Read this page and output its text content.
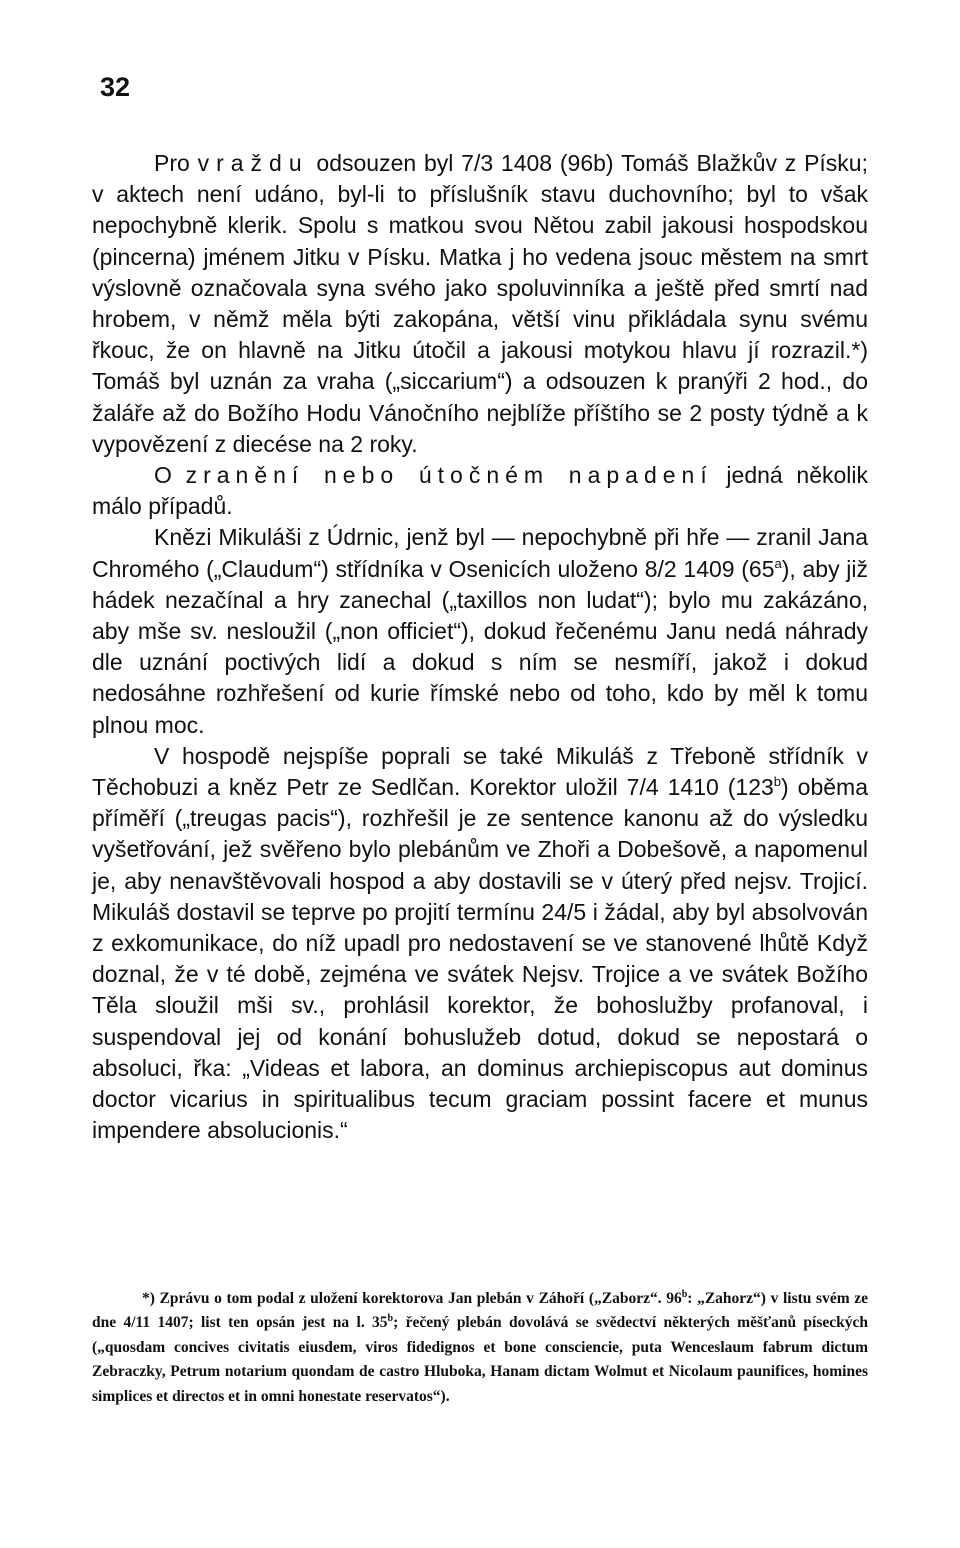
32

Pro vraždu odsouzen byl 7/3 1408 (96b) Tomáš Blažkův z Písku; v aktech není udáno, byl-li to příslušník stavu duchovního; byl to však nepochybně klerik. Spolu s matkou svou Nětou zabil jakousi hospodskou (pincerna) jménem Jitku v Písku. Matka j ho vedena jsouc městem na smrt výslovně označovala syna svého jako spoluvinníka a ještě před smrtí nad hrobem, v němž měla býti zakopána, větší vinu přikládala synu svému řkouc, že on hlavně na Jitku útočil a jakousi motykou hlavu jí rozrazil.*) Tomáš byl uznán za vraha („siccarium“) a odsouzen k pranýři 2 hod., do žaláře až do Božího Hodu Vánočního nejblíže příštího se 2 posty týdně a k vypovězení z diecése na 2 roky.

O zranění nebo útočném napadení jedná několik málo případů.

Knězi Mikuláši z Údrnic, jenž byl — nepochybně při hře — zranil Jana Chromého („Claudum“) střídníka v Osenicích uloženo 8/2 1409 (65$^a$), aby již hádek nezačínal a hry zanechal („taxillos non ludat“); bylo mu zakázáno, aby mše sv. nesloužil („non officiet“), dokud řečenému Janu nedá náhrady dle uznání poctivých lidí a dokud s ním se nesmíří, jakož i dokud nedosáhne rozhřešení od kurie římské nebo od toho, kdo by měl k tomu plnou moc.

V hospodě nejspíše poprali se také Mikuláš z Třeboně střídník v Těchobuzi a kněz Petr ze Sedlčan. Korektor uložil 7/4 1410 (123$^b$) oběma příměří („treugas pacis“), rozhřešil je ze sentence kanonu až do výsledku vyšetřování, jež svěřeno bylo plebánům ve Zhoři a Dobešově, a napomenul je, aby nenavštěvovali hospod a aby dostavili se v úterý před nejsv. Trojicí. Mikuláš dostavil se teprve po projití termínu 24/5 i žádal, aby byl absolvován z exkomunikace, do níž upadl pro nedostavení se ve stanovené lhůtě Když doznal, že v té době, zejména ve svátek Nejsv. Trojice a ve svátek Božího Těla sloužil mši sv., prohlásil korektor, že bohoslužby profanoval, i suspendoval jej od konání bohuslužeb dotud, dokud se nepostará o absoluci, řka: „Videas et labora, an dominus archiepiscopus aut dominus doctor vicarius in spiritualibus tecum graciam possint facere et munus impendere absolucionis.“

*) Zprávu o tom podal z uložení korektorova Jan plebán v Záhoří („Zaborz“. 96$^b$: „Zahorz“) v listu svém ze dne 4/11 1407; list ten opsán jest na l. 35$^b$; řečený plebán dovolává se svědectví některých měšťanů píseckých („quosdam concives civitatis eiusdem, viros fidedignos et bone consciencie, puta Wenceslaum fabrum dictum Zebraczky, Petrum notarium quondam de castro Hluboka, Hanam dictam Wolmut et Nicolaum paunifices, homines simplices et directos et in omni honestate reservatos“).
